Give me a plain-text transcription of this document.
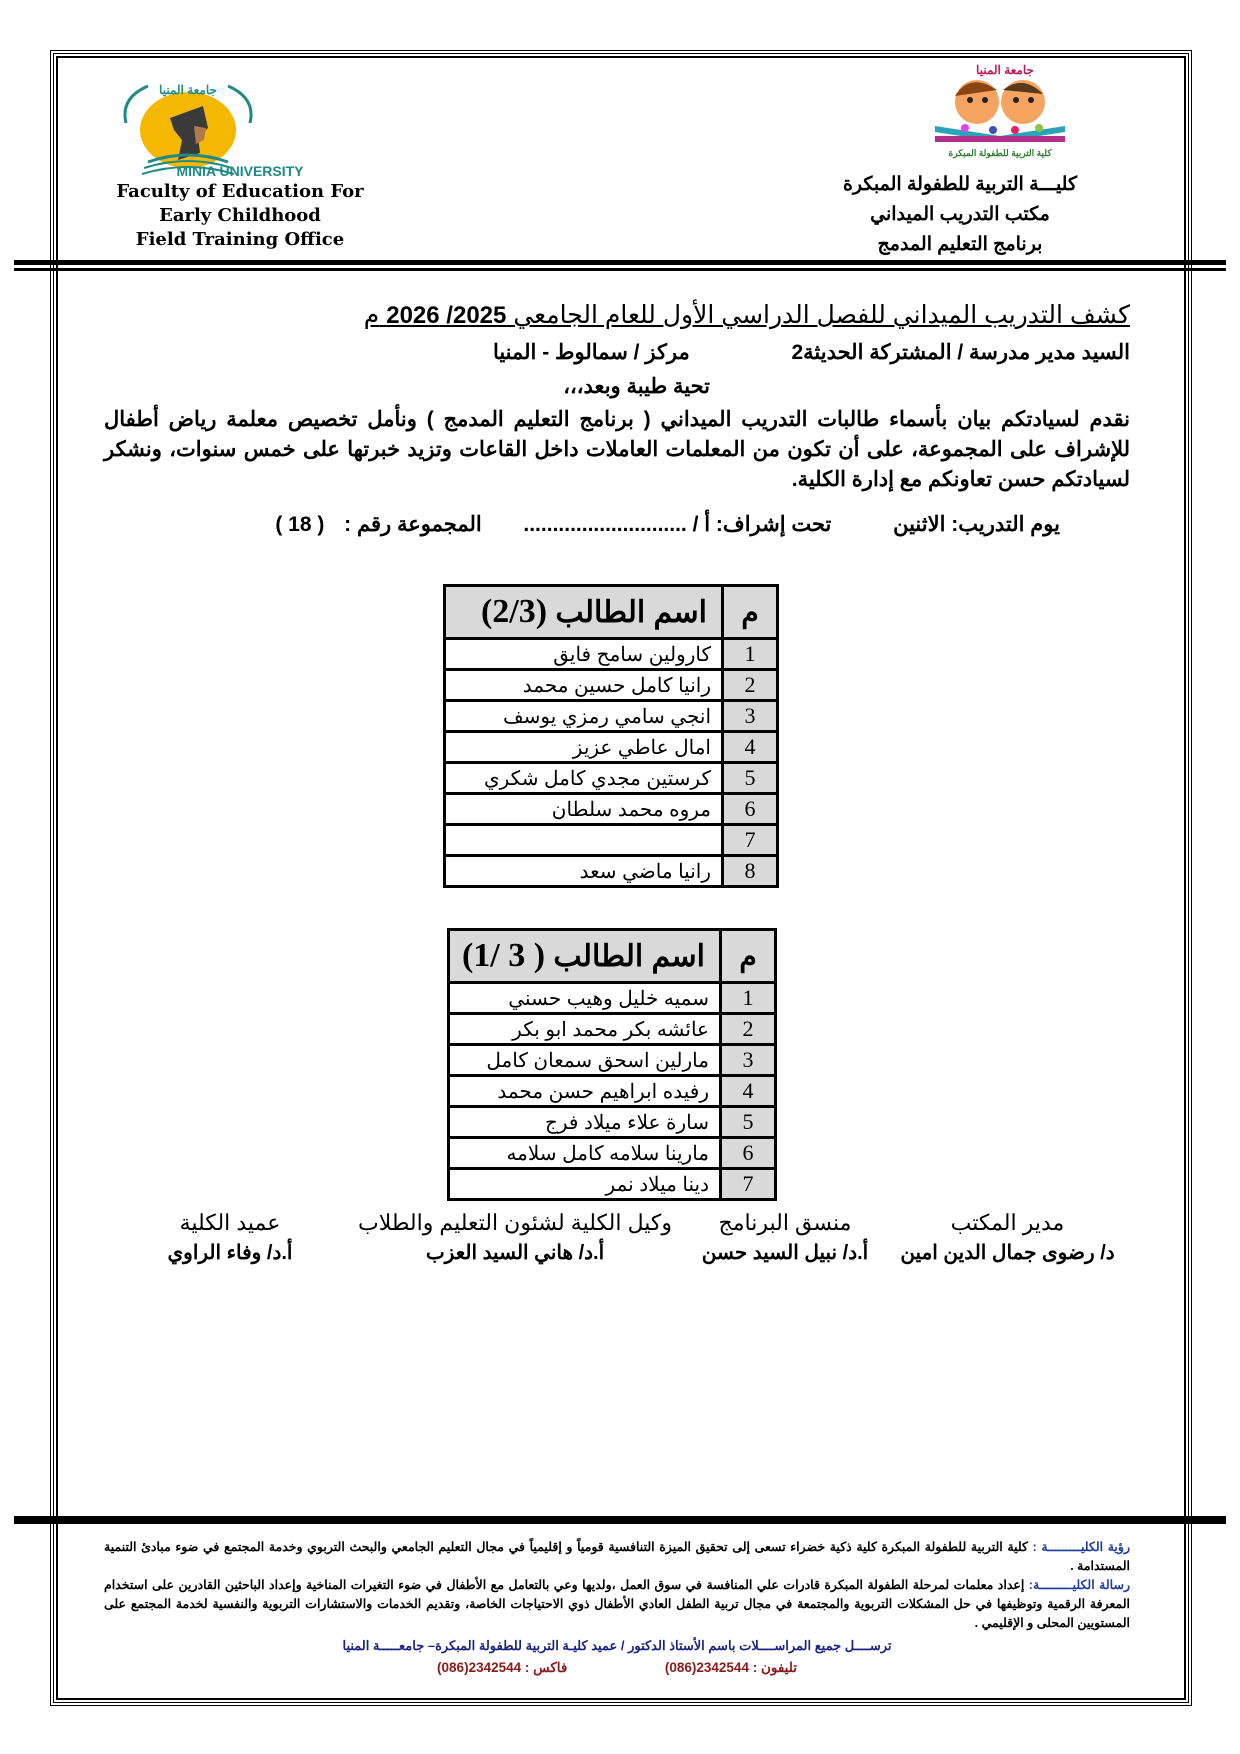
جامعة المنيا
MINIA UNIVERSITY
Faculty of Education For
Early Childhood
Field Training Office
جامعة المنيا
كلية التربية للطفولة المبكرة
كليـــة التربية للطفولة المبكرة
مكتب التدريب الميداني
برنامج التعليم المدمج
كشف التدريب الميداني للفصل الدراسي الأول للعام الجامعي 2025/ 2026 م
السيد مدير مدرسة / المشتركة الحديثة2  مركز / سمالوط - المنيا
تحية طيبة وبعد،،،
نقدم لسيادتكم بيان بأسماء طالبات التدريب الميداني ( برنامج التعليم المدمج ) ونأمل تخصيص معلمة رياض أطفال للإشراف على المجموعة، على أن تكون من المعلمات العاملات داخل القاعات وتزيد خبرتها على خمس سنوات، ونشكر لسيادتكم حسن تعاونكم مع إدارة الكلية.
يوم التدريب: الاثنين  تحت إشراف: أ / ............................  المجموعة رقم : ( 18 )
م	اسم الطالب (2/3)
1	كارولين سامح فايق
2	رانيا كامل حسين محمد
3	انجي سامي رمزي يوسف
4	امال عاطي عزيز
5	كرستين مجدي كامل شكري
6	مروه محمد سلطان
7	
8	رانيا ماضي سعد
م	اسم الطالب ( 3 /1)
1	سميه خليل وهيب حسني
2	عائشه بكر محمد ابو بكر
3	مارلين اسحق سمعان كامل
4	رفيده ابراهيم حسن محمد
5	سارة علاء ميلاد فرج
6	مارينا سلامه كامل سلامه
7	دينا ميلاد نمر
مدير المكتب
منسق البرنامج
وكيل الكلية لشئون التعليم والطلاب
عميد الكلية
د/ رضوى جمال الدين امين
أ.د/ نبيل السيد حسن
أ.د/ هاني السيد العزب
أ.د/ وفاء الراوي
رؤية الكليـــــــــة : كلية التربية للطفولة المبكرة كلية ذكية خضراء تسعى إلى تحقيق الميزة التنافسية قومياً و إقليمياً في مجال التعليم الجامعي والبحث التربوي وخدمة المجتمع في ضوء مبادئ التنمية المستدامة .
رسالة الكليـــــــــة: إعداد معلمات لمرحلة الطفولة المبكرة قادرات علي المنافسة في سوق العمل ،ولديها وعي بالتعامل مع الأطفال في ضوء التغيرات المناخية وإعداد الباحثين القادرين على استخدام المعرفة الرقمية وتوظيفها في حل المشكلات التربوية والمجتمعة في مجال تربية الطفل العادي الأطفال ذوي الاحتياجات الخاصة، وتقديم الخدمات والاستشارات التربوية والنفسية لخدمة المجتمع على المستويين المحلى و الإقليمي .
ترســــل جميع المراســــلات باسم الأستاذ الدكتور / عميد كليـة التربية للطفولة المبكرة– جامعـــــة المنيا
تليفون : 2342544(086)  فاكس : 2342544(086)
